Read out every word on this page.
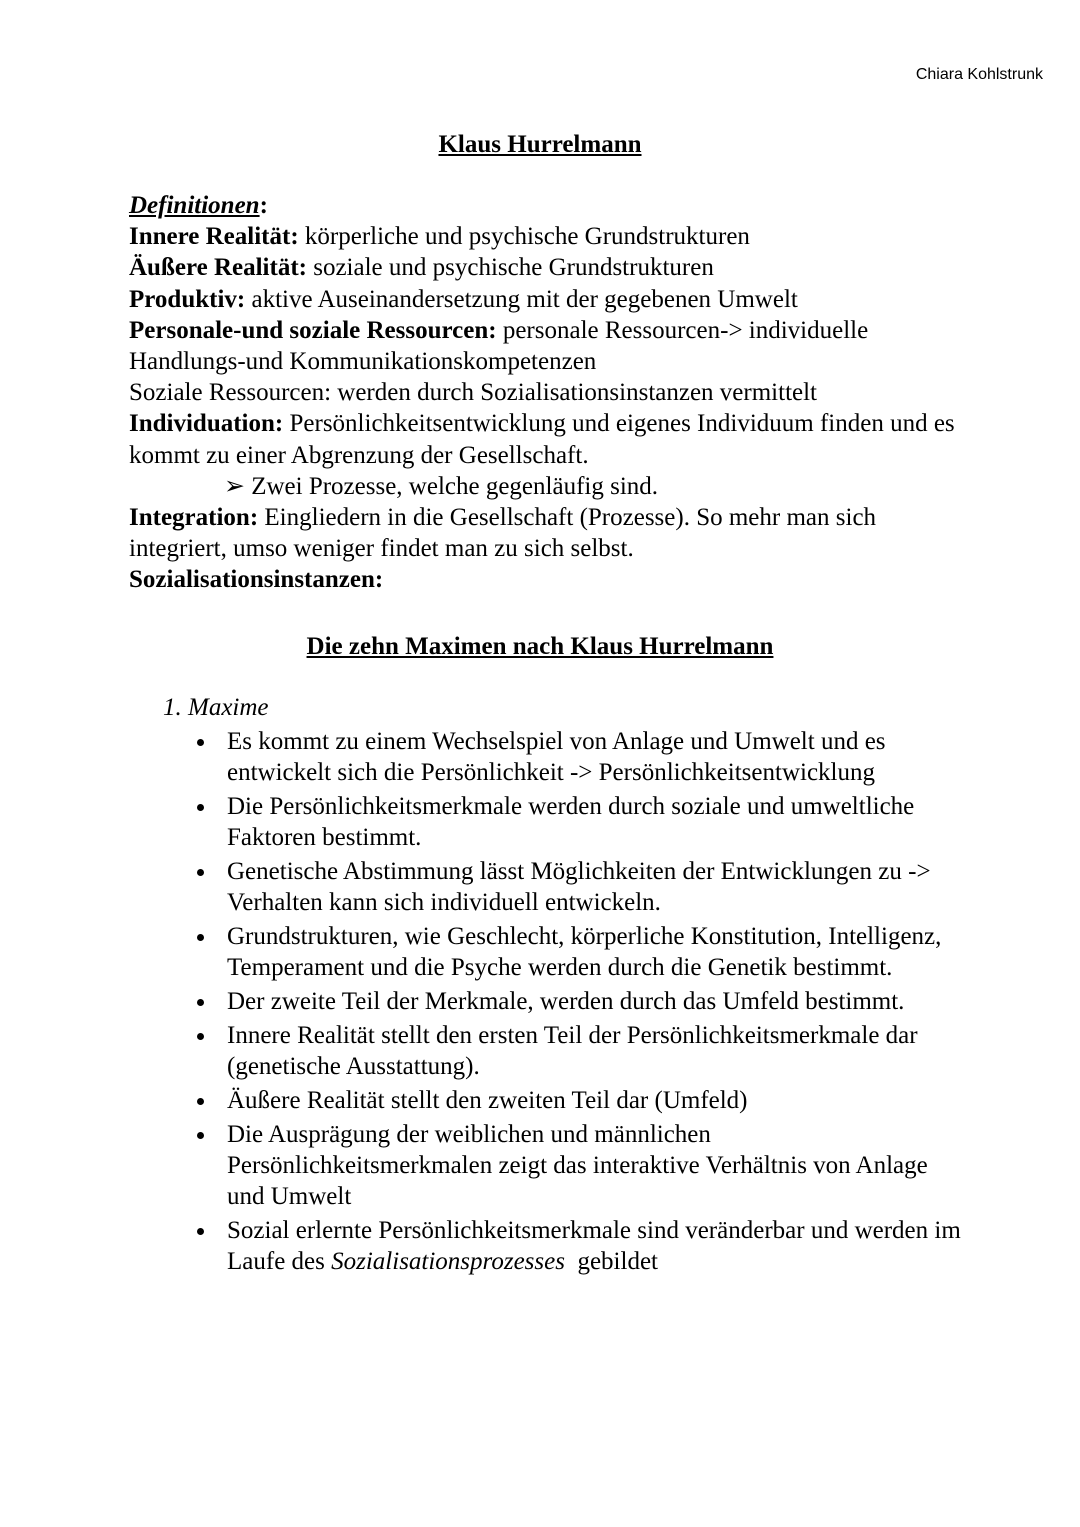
Chiara Kohlstrunk
Klaus Hurrelmann

Definitionen:

Innere Realität: körperliche und psychische Grundstrukturen

Äußere Realität: soziale und psychische Grundstrukturen

Produktiv: aktive Auseinandersetzung mit der gegebenen Umwelt

Personale-und soziale Ressourcen: personale Ressourcen-> individuelle Handlungs-und Kommunikationskompetenzen

Soziale Ressourcen: werden durch Sozialisationsinstanzen vermittelt

Individuation: Persönlichkeitsentwicklung und eigenes Individuum finden und es kommt zu einer Abgrenzung der Gesellschaft.

➢ Zwei Prozesse, welche gegenläufig sind.

Integration: Eingliedern in die Gesellschaft (Prozesse). So mehr man sich integriert, umso weniger findet man zu sich selbst.

Sozialisationsinstanzen:

Die zehn Maximen nach Klaus Hurrelmann
1. Maxime
Es kommt zu einem Wechselspiel von Anlage und Umwelt und es entwickelt sich die Persönlichkeit -> Persönlichkeitsentwicklung
Die Persönlichkeitsmerkmale werden durch soziale und umweltliche Faktoren bestimmt.
Genetische Abstimmung lässt Möglichkeiten der Entwicklungen zu -> Verhalten kann sich individuell entwickeln.
Grundstrukturen, wie Geschlecht, körperliche Konstitution, Intelligenz, Temperament und die Psyche werden durch die Genetik bestimmt.
Der zweite Teil der Merkmale, werden durch das Umfeld bestimmt.
Innere Realität stellt den ersten Teil der Persönlichkeitsmerkmale dar (genetische Ausstattung).
Äußere Realität stellt den zweiten Teil dar (Umfeld)
Die Ausprägung der weiblichen und männlichen Persönlichkeitsmerkmalen zeigt das interaktive Verhältnis von Anlage und Umwelt
Sozial erlernte Persönlichkeitsmerkmale sind veränderbar und werden im Laufe des Sozialisationsprozesses  gebildet
